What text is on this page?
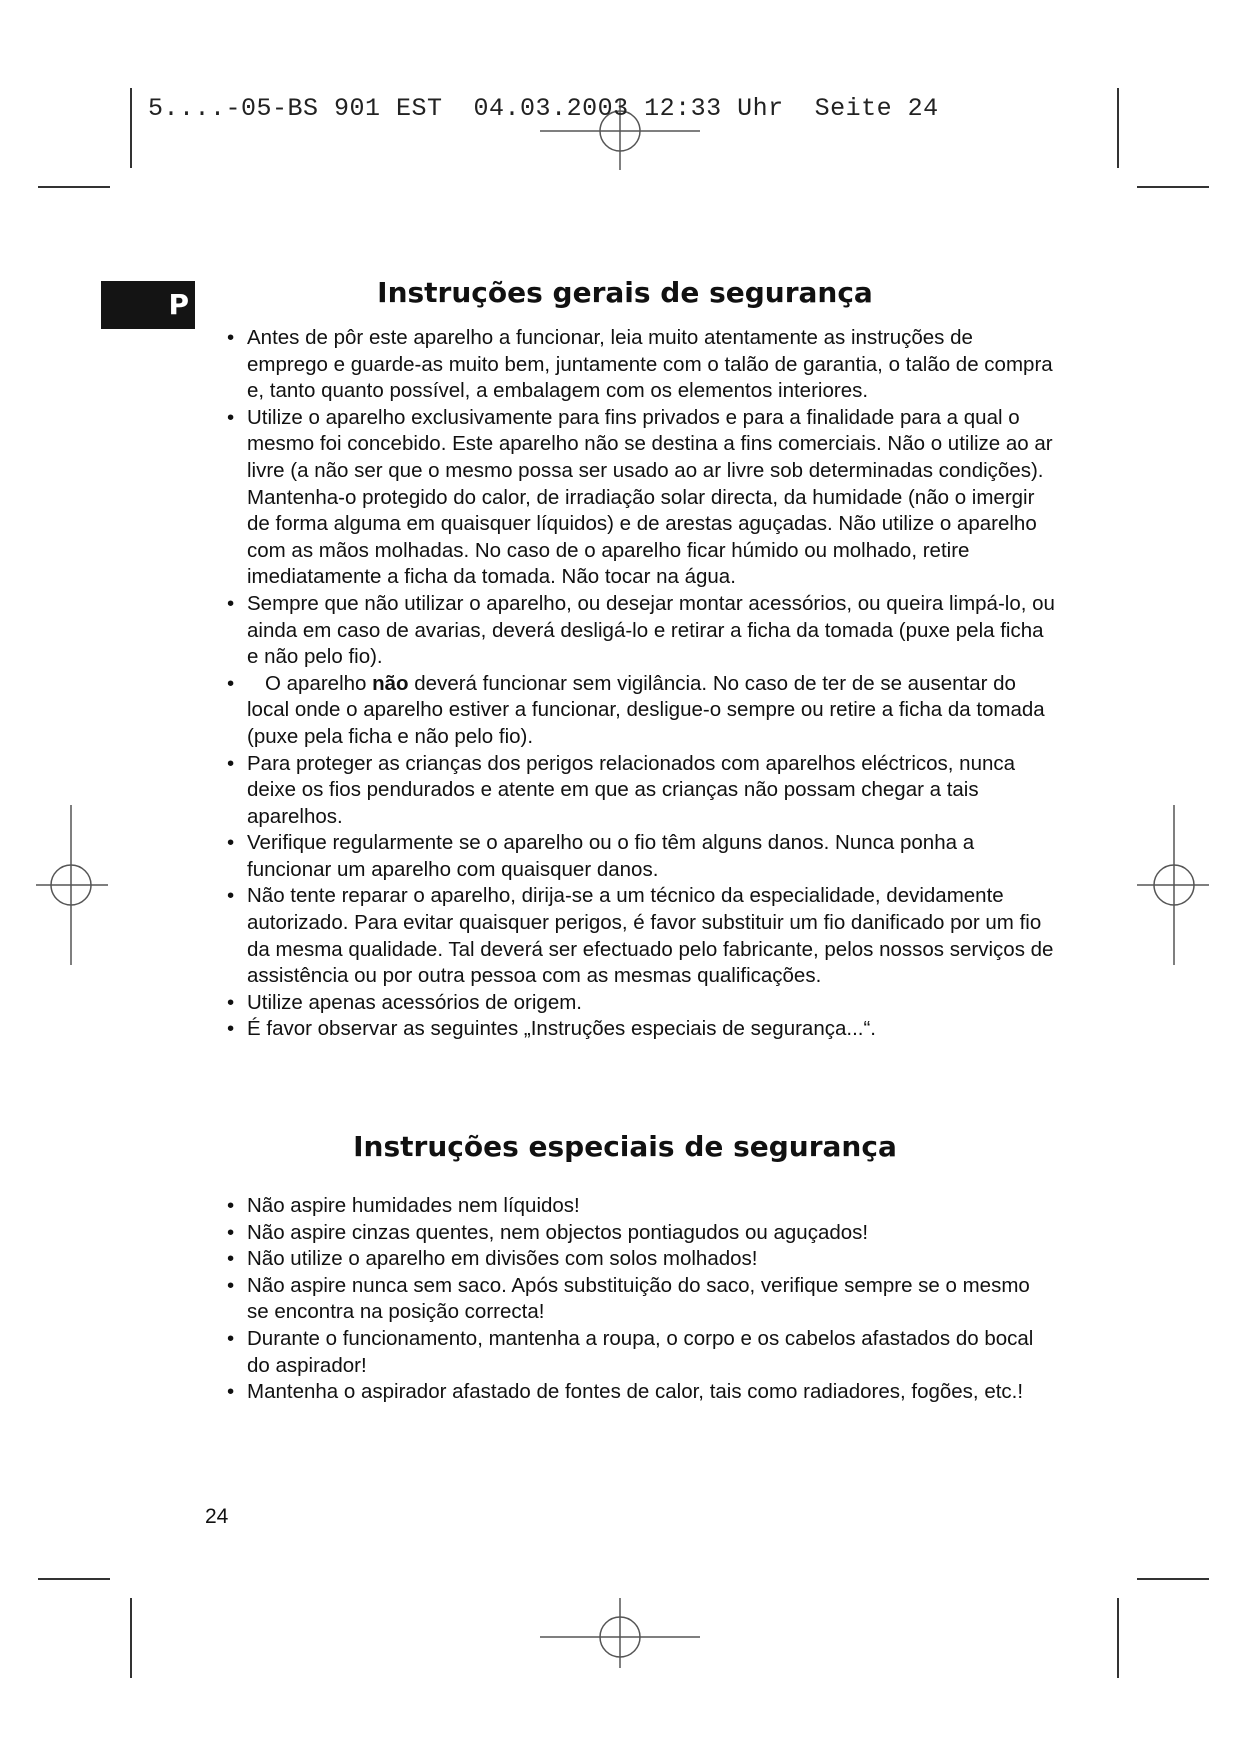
5....-05-BS 901 EST  04.03.2003 12:33 Uhr  Seite 24
P	Instruções gerais de segurança
• Antes de pôr este aparelho a funcionar, leia muito atentamente as instruções de emprego e guarde-as muito bem, juntamente com o talão de garantia, o talão de compra e, tanto quanto possível, a embalagem com os elementos interiores.
• Utilize o aparelho exclusivamente para fins privados e para a finalidade para a qual o mesmo foi concebido. Este aparelho não se destina a fins comerciais. Não o utilize ao ar livre (a não ser que o mesmo possa ser usado ao ar livre sob determinadas condições). Mantenha-o protegido do calor, de irradiação solar directa, da humidade (não o imergir de forma alguma em quaisquer líquidos) e de arestas aguçadas. Não utilize o aparelho com as mãos molhadas. No caso de o aparelho ficar húmido ou molhado, retire imediatamente a ficha da tomada. Não tocar na água.
• Sempre que não utilizar o aparelho, ou desejar montar acessórios, ou queira limpá-lo, ou ainda em caso de avarias, deverá desligá-lo e retirar a ficha da tomada (puxe pela ficha e não pelo fio).
• O aparelho não deverá funcionar sem vigilância. No caso de ter de se ausentar do local onde o aparelho estiver a funcionar, desligue-o sempre ou retire a ficha da tomada (puxe pela ficha e não pelo fio).
• Para proteger as crianças dos perigos relacionados com aparelhos eléctricos, nunca deixe os fios pendurados e atente em que as crianças não possam chegar a tais aparelhos.
• Verifique regularmente se o aparelho ou o fio têm alguns danos. Nunca ponha a funcionar um aparelho com quaisquer danos.
• Não tente reparar o aparelho, dirija-se a um técnico da especialidade, devidamente autorizado. Para evitar quaisquer perigos, é favor substituir um fio danificado por um fio da mesma qualidade. Tal deverá ser efectuado pelo fabricante, pelos nossos serviços de assistência ou por outra pessoa com as mesmas qualificações.
• Utilize apenas acessórios de origem.
• É favor observar as seguintes „Instruções especiais de segurança...“.
Instruções especiais de segurança
• Não aspire humidades nem líquidos!
• Não aspire cinzas quentes, nem objectos pontiagudos ou aguçados!
• Não utilize o aparelho em divisões com solos molhados!
• Não aspire nunca sem saco. Após substituição do saco, verifique sempre se o mesmo se encontra na posição correcta!
• Durante o funcionamento, mantenha a roupa, o corpo e os cabelos afastados do bocal do aspirador!
• Mantenha o aspirador afastado de fontes de calor, tais como radiadores, fogões, etc.!
24
